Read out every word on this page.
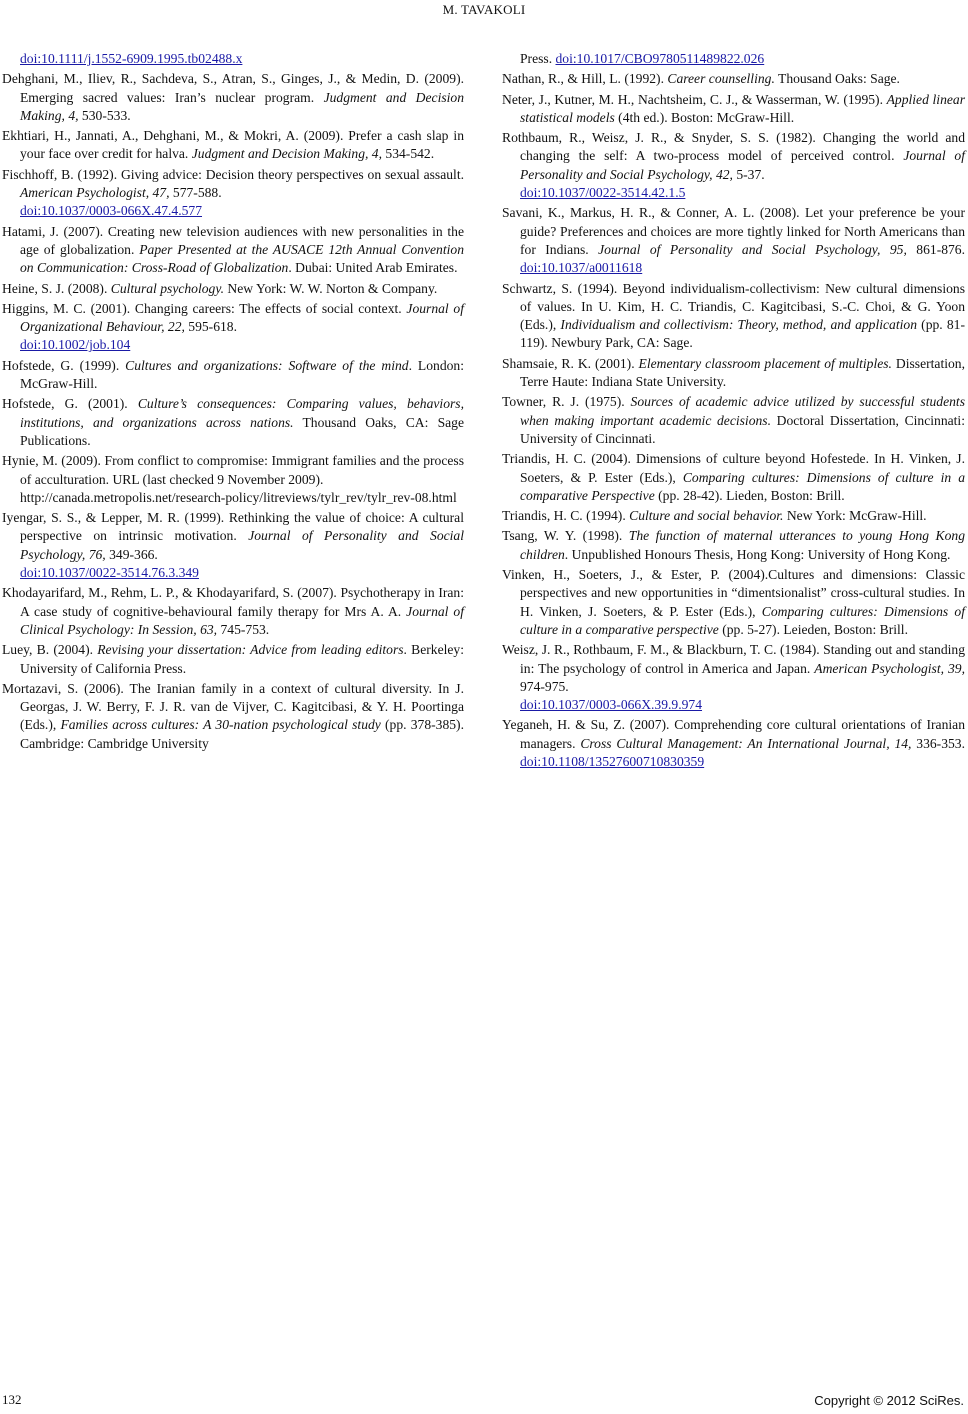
M. TAVAKOLI

doi:10.1111/j.1552-6909.1995.tb02488.x

Dehghani, M., Iliev, R., Sachdeva, S., Atran, S., Ginges, J., & Medin, D. (2009). Emerging sacred values: Iran’s nuclear program. Judgment and Decision Making, 4, 530-533.

Ekhtiari, H., Jannati, A., Dehghani, M., & Mokri, A. (2009). Prefer a cash slap in your face over credit for halva. Judgment and Decision Making, 4, 534-542.

Fischhoff, B. (1992). Giving advice: Decision theory perspectives on sexual assault. American Psychologist, 47, 577-588.
doi:10.1037/0003-066X.47.4.577

Hatami, J. (2007). Creating new television audiences with new personalities in the age of globalization. Paper Presented at the AUSACE 12th Annual Convention on Communication: Cross-Road of Globalization. Dubai: United Arab Emirates.

Heine, S. J. (2008). Cultural psychology. New York: W. W. Norton & Company.

Higgins, M. C. (2001). Changing careers: The effects of social context. Journal of Organizational Behaviour, 22, 595-618.
doi:10.1002/job.104

Hofstede, G. (1999). Cultures and organizations: Software of the mind. London: McGraw-Hill.

Hofstede, G. (2001). Culture’s consequences: Comparing values, behaviors, institutions, and organizations across nations. Thousand Oaks, CA: Sage Publications.

Hynie, M. (2009). From conflict to compromise: Immigrant families and the process of acculturation. URL (last checked 9 November 2009).
http://canada.metropolis.net/research-policy/litreviews/tylr_rev/tylr_rev-08.html

Iyengar, S. S., & Lepper, M. R. (1999). Rethinking the value of choice: A cultural perspective on intrinsic motivation. Journal of Personality and Social Psychology, 76, 349-366.
doi:10.1037/0022-3514.76.3.349

Khodayarifard, M., Rehm, L. P., & Khodayarifard, S. (2007). Psychotherapy in Iran: A case study of cognitive-behavioural family therapy for Mrs A. A. Journal of Clinical Psychology: In Session, 63, 745-753.

Luey, B. (2004). Revising your dissertation: Advice from leading editors. Berkeley: University of California Press.

Mortazavi, S. (2006). The Iranian family in a context of cultural diversity. In J. Georgas, J. W. Berry, F. J. R. van de Vijver, C. Kagitcibasi, & Y. H. Poortinga (Eds.), Families across cultures: A 30-nation psychological study (pp. 378-385). Cambridge: Cambridge University

Press. doi:10.1017/CBO9780511489822.026

Nathan, R., & Hill, L. (1992). Career counselling. Thousand Oaks: Sage.

Neter, J., Kutner, M. H., Nachtsheim, C. J., & Wasserman, W. (1995). Applied linear statistical models (4th ed.). Boston: McGraw-Hill.

Rothbaum, R., Weisz, J. R., & Snyder, S. S. (1982). Changing the world and changing the self: A two-process model of perceived control. Journal of Personality and Social Psychology, 42, 5-37.
doi:10.1037/0022-3514.42.1.5

Savani, K., Markus, H. R., & Conner, A. L. (2008). Let your preference be your guide? Preferences and choices are more tightly linked for North Americans than for Indians. Journal of Personality and Social Psychology, 95, 861-876. doi:10.1037/a0011618

Schwartz, S. (1994). Beyond individualism-collectivism: New cultural dimensions of values. In U. Kim, H. C. Triandis, C. Kagitcibasi, S.-C. Choi, & G. Yoon (Eds.), Individualism and collectivism: Theory, method, and application (pp. 81-119). Newbury Park, CA: Sage.

Shamsaie, R. K. (2001). Elementary classroom placement of multiples. Dissertation, Terre Haute: Indiana State University.

Towner, R. J. (1975). Sources of academic advice utilized by successful students when making important academic decisions. Doctoral Dissertation, Cincinnati: University of Cincinnati.

Triandis, H. C. (2004). Dimensions of culture beyond Hofestede. In H. Vinken, J. Soeters, & P. Ester (Eds.), Comparing cultures: Dimensions of culture in a comparative Perspective (pp. 28-42). Lieden, Boston: Brill.

Triandis, H. C. (1994). Culture and social behavior. New York: McGraw-Hill.

Tsang, W. Y. (1998). The function of maternal utterances to young Hong Kong children. Unpublished Honours Thesis, Hong Kong: University of Hong Kong.

Vinken, H., Soeters, J., & Ester, P. (2004).Cultures and dimensions: Classic perspectives and new opportunities in “dimentsionalist” cross-cultural studies. In H. Vinken, J. Soeters, & P. Ester (Eds.), Comparing cultures: Dimensions of culture in a comparative perspective (pp. 5-27). Leieden, Boston: Brill.

Weisz, J. R., Rothbaum, F. M., & Blackburn, T. C. (1984). Standing out and standing in: The psychology of control in America and Japan. American Psychologist, 39, 974-975.
doi:10.1037/0003-066X.39.9.974

Yeganeh, H. & Su, Z. (2007). Comprehending core cultural orientations of Iranian managers. Cross Cultural Management: An International Journal, 14, 336-353. doi:10.1108/13527600710830359

132	Copyright © 2012 SciRes.
